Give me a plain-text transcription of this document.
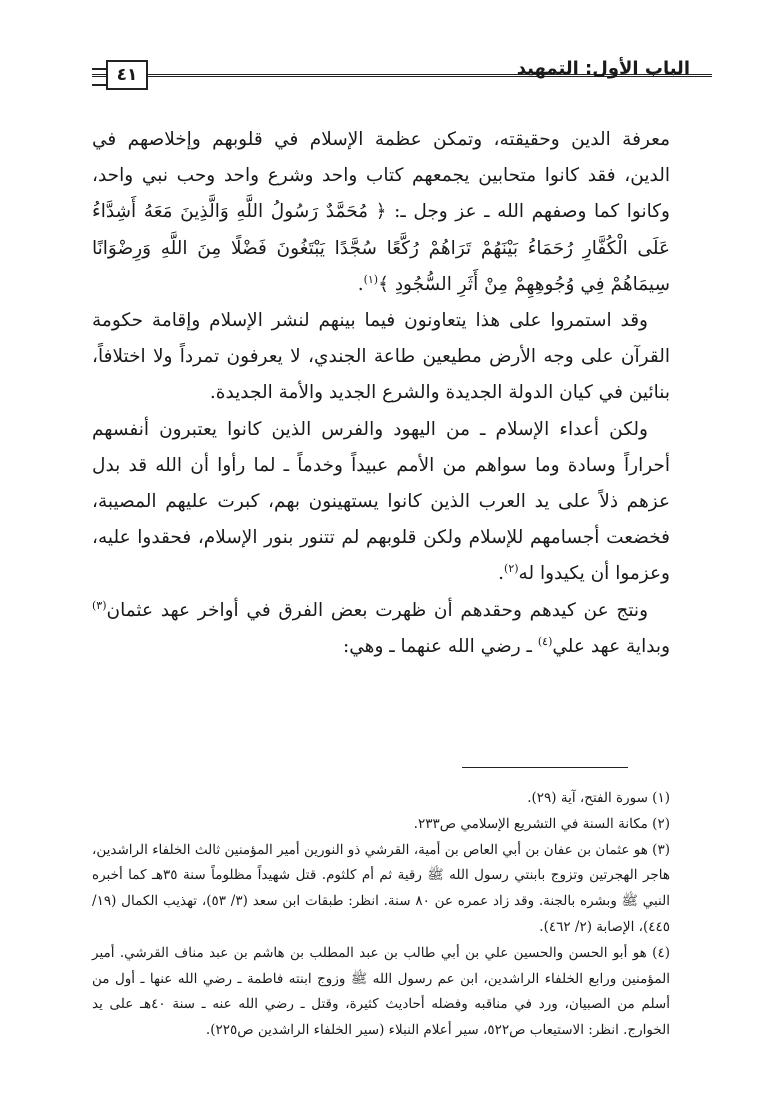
الباب الأول: التمهيد
٤١

معرفة الدين وحقيقته، وتمكن عظمة الإسلام في قلوبهم وإخلاصهم في الدين، فقد كانوا متحابين يجمعهم كتاب واحد وشرع واحد وحب نبي واحد، وكانوا كما وصفهم الله ـ عز وجل ـ: ﴿ مُحَمَّدٌ رَسُولُ اللَّهِ وَالَّذِينَ مَعَهُ أَشِدَّاءُ عَلَى الْكُفَّارِ رُحَمَاءُ بَيْنَهُمْ تَرَاهُمْ رُكَّعًا سُجَّدًا يَبْتَغُونَ فَضْلًا مِنَ اللَّهِ وَرِضْوَانًا سِيمَاهُمْ فِي وُجُوهِهِمْ مِنْ أَثَرِ السُّجُودِ ﴾$^{(١)}$.

وقد استمروا على هذا يتعاونون فيما بينهم لنشر الإسلام وإقامة حكومة القرآن على وجه الأرض مطيعين طاعة الجندي، لا يعرفون تمرداً ولا اختلافاً، بنائين في كيان الدولة الجديدة والشرع الجديد والأمة الجديدة.

ولكن أعداء الإسلام ـ من اليهود والفرس الذين كانوا يعتبرون أنفسهم أحراراً وسادة وما سواهم من الأمم عبيداً وخدماً ـ لما رأوا أن الله قد بدل عزهم ذلاً على يد العرب الذين كانوا يستهينون بهم، كبرت عليهم المصيبة، فخضعت أجسامهم للإسلام ولكن قلوبهم لم تتنور بنور الإسلام، فحقدوا عليه، وعزموا أن يكيدوا له$^{(٢)}$.

ونتج عن كيدهم وحقدهم أن ظهرت بعض الفرق في أواخر عهد عثمان$^{(٣)}$ وبداية عهد علي$^{(٤)}$ ـ رضي الله عنهما ـ وهي:

(١) سورة الفتح، آية (٢٩).

(٢) مكانة السنة في التشريع الإسلامي ص٢٣٣.

(٣) هو عثمان بن عفان بن أبي العاص بن أمية، القرشي ذو النورين أمير المؤمنين ثالث الخلفاء الراشدين، هاجر الهجرتين وتزوج بابنتي رسول الله ﷺ رقية ثم أم كلثوم. قتل شهيداً مظلوماً سنة ٣٥هـ كما أخبره النبي ﷺ وبشره بالجنة. وقد زاد عمره عن ٨٠ سنة. انظر: طبقات ابن سعد (٣/ ٥٣)، تهذيب الكمال (١٩/ ٤٤٥)، الإصابة (٢/ ٤٦٢).

(٤) هو أبو الحسن والحسين علي بن أبي طالب بن عبد المطلب بن هاشم بن عبد مناف القرشي. أمير المؤمنين ورابع الخلفاء الراشدين، ابن عم رسول الله ﷺ وزوج ابنته فاطمة ـ رضي الله عنها ـ أول من أسلم من الصبيان، ورد في مناقبه وفضله أحاديث كثيرة، وقتل ـ رضي الله عنه ـ سنة ٤٠هـ على يد الخوارج. انظر: الاستيعاب ص٥٢٢، سير أعلام النبلاء (سير الخلفاء الراشدين ص٢٢٥).
